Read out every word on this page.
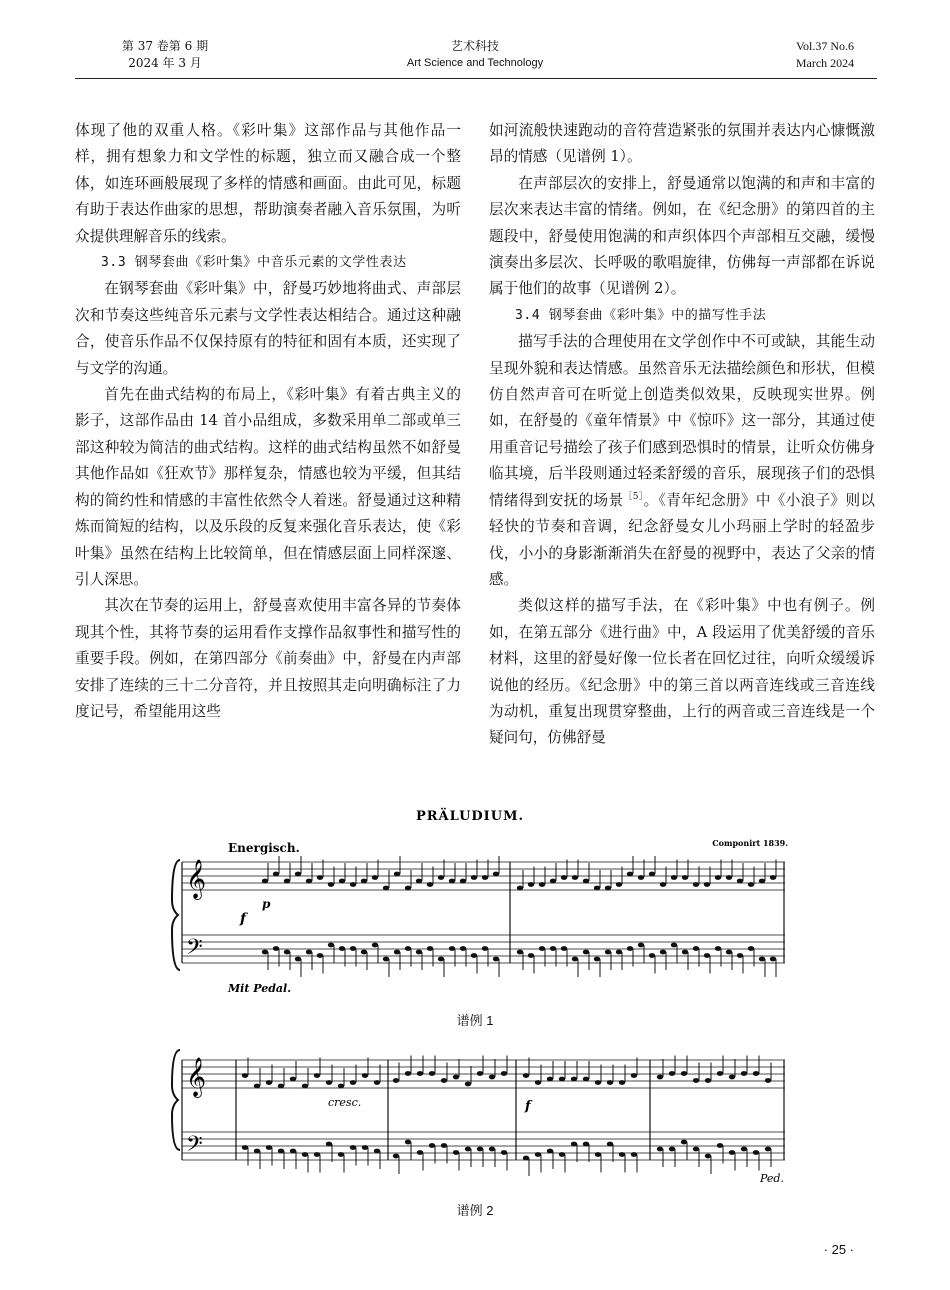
第 37 卷第 6 期
2024 年 3 月
艺术科技
Art Science and Technology
Vol.37 No.6
March 2024

体现了他的双重人格。《彩叶集》这部作品与其他作品一样，拥有想象力和文学性的标题，独立而又融合成一个整体，如连环画般展现了多样的情感和画面。由此可见，标题有助于表达作曲家的思想，帮助演奏者融入音乐氛围，为听众提供理解音乐的线索。

3.3 钢琴套曲《彩叶集》中音乐元素的文学性表达

在钢琴套曲《彩叶集》中，舒曼巧妙地将曲式、声部层次和节奏这些纯音乐元素与文学性表达相结合。通过这种融合，使音乐作品不仅保持原有的特征和固有本质，还实现了与文学的沟通。

首先在曲式结构的布局上，《彩叶集》有着古典主义的影子，这部作品由 14 首小品组成，多数采用单二部或单三部这种较为简洁的曲式结构。这样的曲式结构虽然不如舒曼其他作品如《狂欢节》那样复杂，情感也较为平缓，但其结构的简约性和情感的丰富性依然令人着迷。舒曼通过这种精炼而简短的结构，以及乐段的反复来强化音乐表达，使《彩叶集》虽然在结构上比较简单，但在情感层面上同样深邃、引人深思。

其次在节奏的运用上，舒曼喜欢使用丰富各异的节奏体现其个性，其将节奏的运用看作支撑作品叙事性和描写性的重要手段。例如，在第四部分《前奏曲》中，舒曼在内声部安排了连续的三十二分音符，并且按照其走向明确标注了力度记号，希望能用这些

如河流般快速跑动的音符营造紧张的氛围并表达内心慷慨激昂的情感（见谱例 1）。

在声部层次的安排上，舒曼通常以饱满的和声和丰富的层次来表达丰富的情绪。例如，在《纪念册》的第四首的主题段中，舒曼使用饱满的和声织体四个声部相互交融，缓慢演奏出多层次、长呼吸的歌唱旋律，仿佛每一声部都在诉说属于他们的故事（见谱例 2）。

3.4 钢琴套曲《彩叶集》中的描写性手法

描写手法的合理使用在文学创作中不可或缺，其能生动呈现外貌和表达情感。虽然音乐无法描绘颜色和形状，但模仿自然声音可在听觉上创造类似效果，反映现实世界。例如，在舒曼的《童年情景》中《惊吓》这一部分，其通过使用重音记号描绘了孩子们感到恐惧时的情景，让听众仿佛身临其境，后半段则通过轻柔舒缓的音乐，展现孩子们的恐惧情绪得到安抚的场景$^{[5]}$。《青年纪念册》中《小浪子》则以轻快的节奏和音调，纪念舒曼女儿小玛丽上学时的轻盈步伐，小小的身影渐渐消失在舒曼的视野中，表达了父亲的情感。

类似这样的描写手法，在《彩叶集》中也有例子。例如，在第五部分《进行曲》中，A 段运用了优美舒缓的音乐材料，这里的舒曼好像一位长者在回忆过往，向听众缓缓诉说他的经历。《纪念册》中的第三首以两音连线或三音连线为动机，重复出现贯穿整曲，上行的两音或三音连线是一个疑问句，仿佛舒曼

PRÄLUDIUM.
Energisch.	Componirt 1839.
Mit Pedal.
f
p
𝄞
𝄢
谱例 1
𝄞
𝄢
cresc.	f
Ped.
谱例 2
· 25 ·
